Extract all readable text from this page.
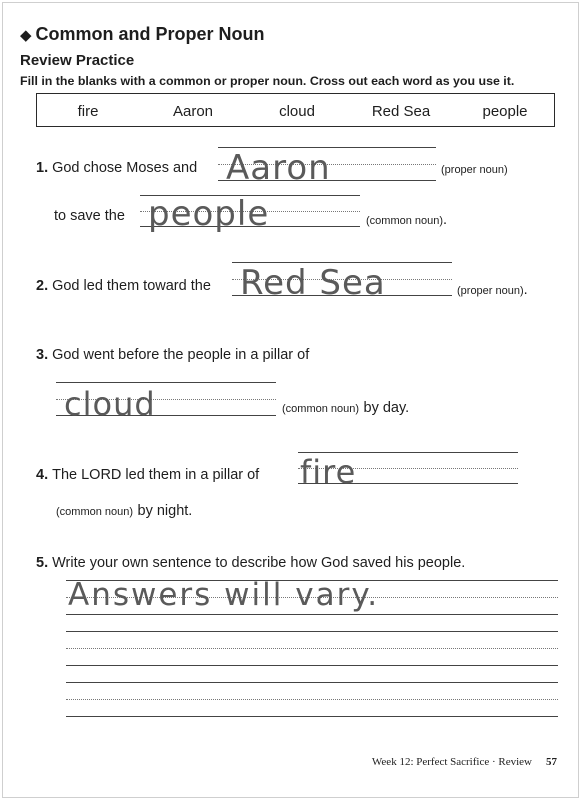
◆ Common and Proper Noun
Review Practice
Fill in the blanks with a common or proper noun. Cross out each word as you use it.
fire	Aaron	cloud	Red Sea	people
1. God chose Moses and Aaron	(proper noun)
to save the people	(common noun).
2. God led them toward the Red Sea	(proper noun).
3. God went before the people in a pillar of
cloud	(common noun) by day.
4. The LORD led them in a pillar of fire
(common noun) by night.
5. Write your own sentence to describe how God saved his people.
Answers will vary.
Week 12: Perfect Sacrifice · Review 57
